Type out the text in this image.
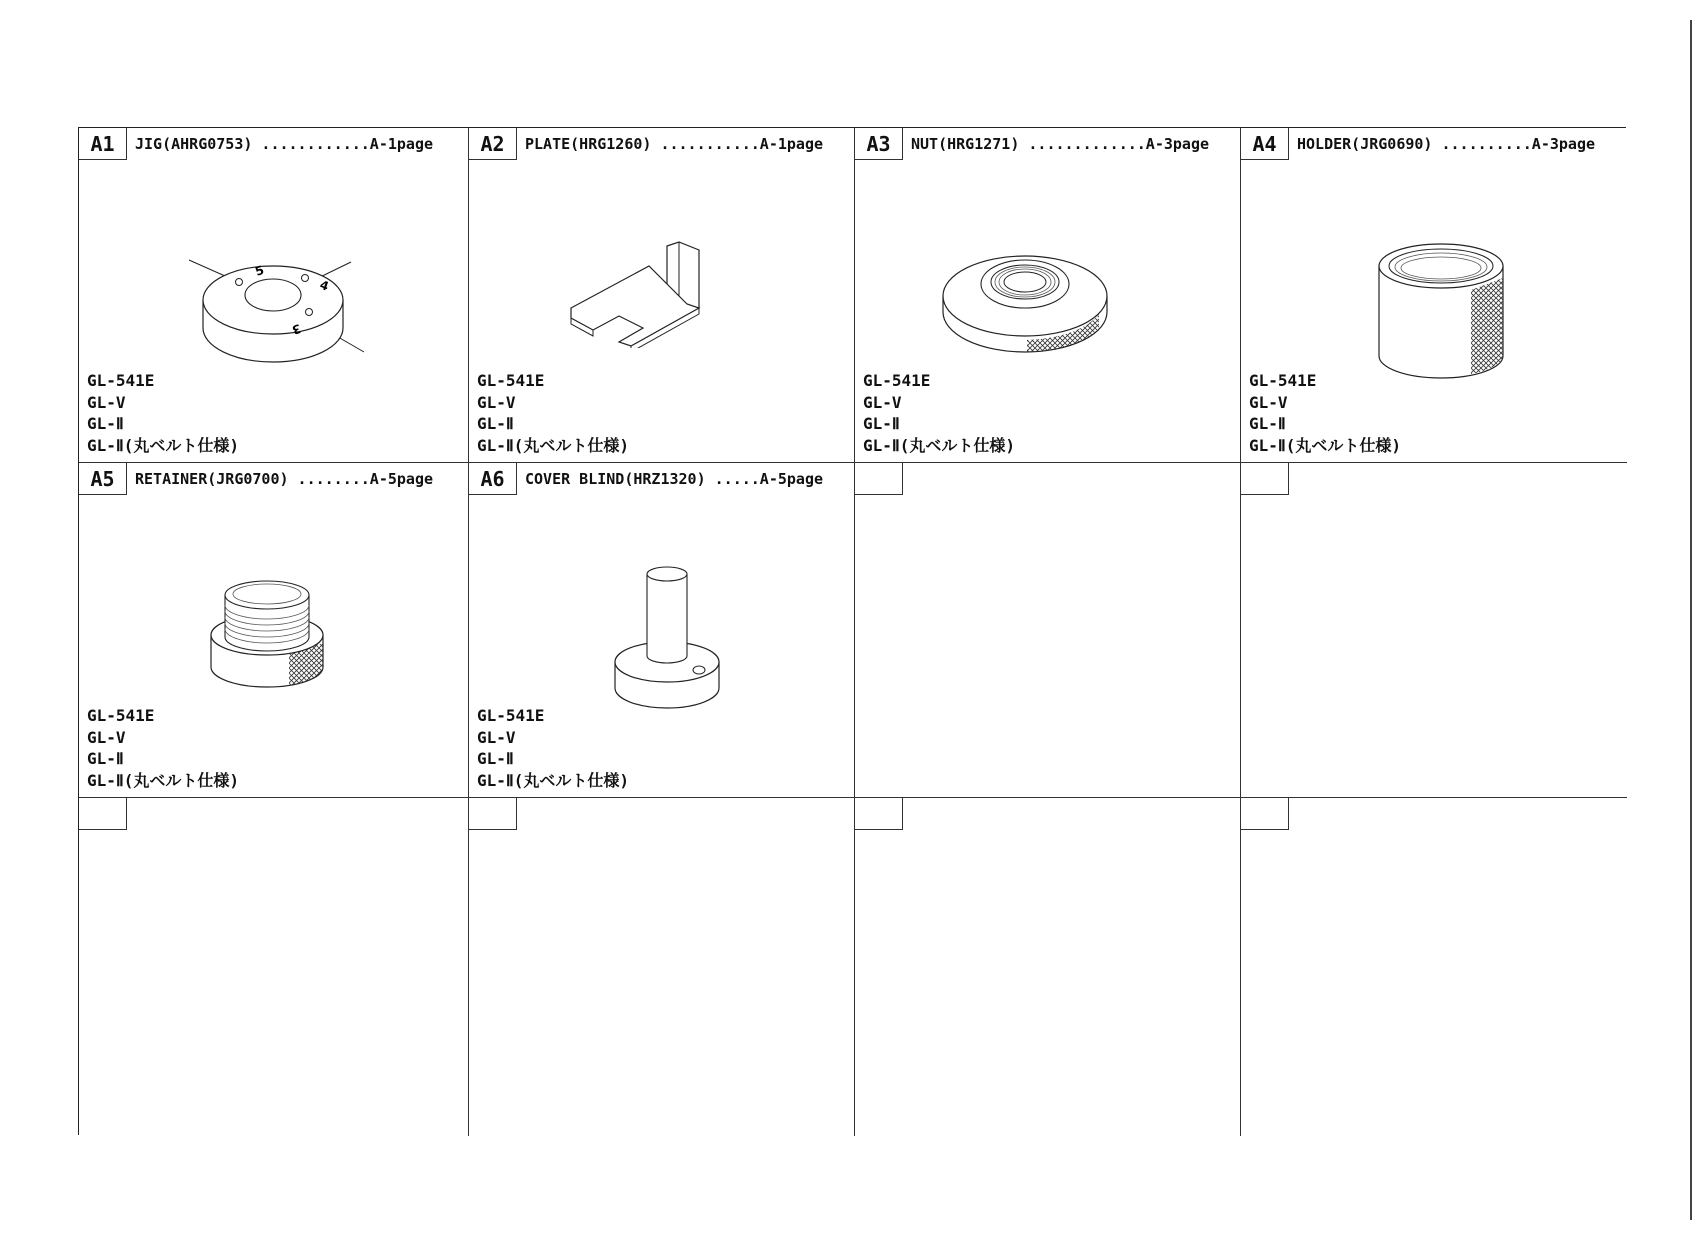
A1	JIG(AHRG0753) ............A-1page
5
4
3
GL-541E
GL-V
GL-Ⅱ
GL-Ⅱ(丸ベルト仕様)
A2	PLATE(HRG1260) ...........A-1page
GL-541E
GL-V
GL-Ⅱ
GL-Ⅱ(丸ベルト仕様)
A3	NUT(HRG1271) .............A-3page
GL-541E
GL-V
GL-Ⅱ
GL-Ⅱ(丸ベルト仕様)
A4	HOLDER(JRG0690) ..........A-3page
GL-541E
GL-V
GL-Ⅱ
GL-Ⅱ(丸ベルト仕様)
A5	RETAINER(JRG0700) ........A-5page
GL-541E
GL-V
GL-Ⅱ
GL-Ⅱ(丸ベルト仕様)
A6	COVER BLIND(HRZ1320) .....A-5page
GL-541E
GL-V
GL-Ⅱ
GL-Ⅱ(丸ベルト仕様)
